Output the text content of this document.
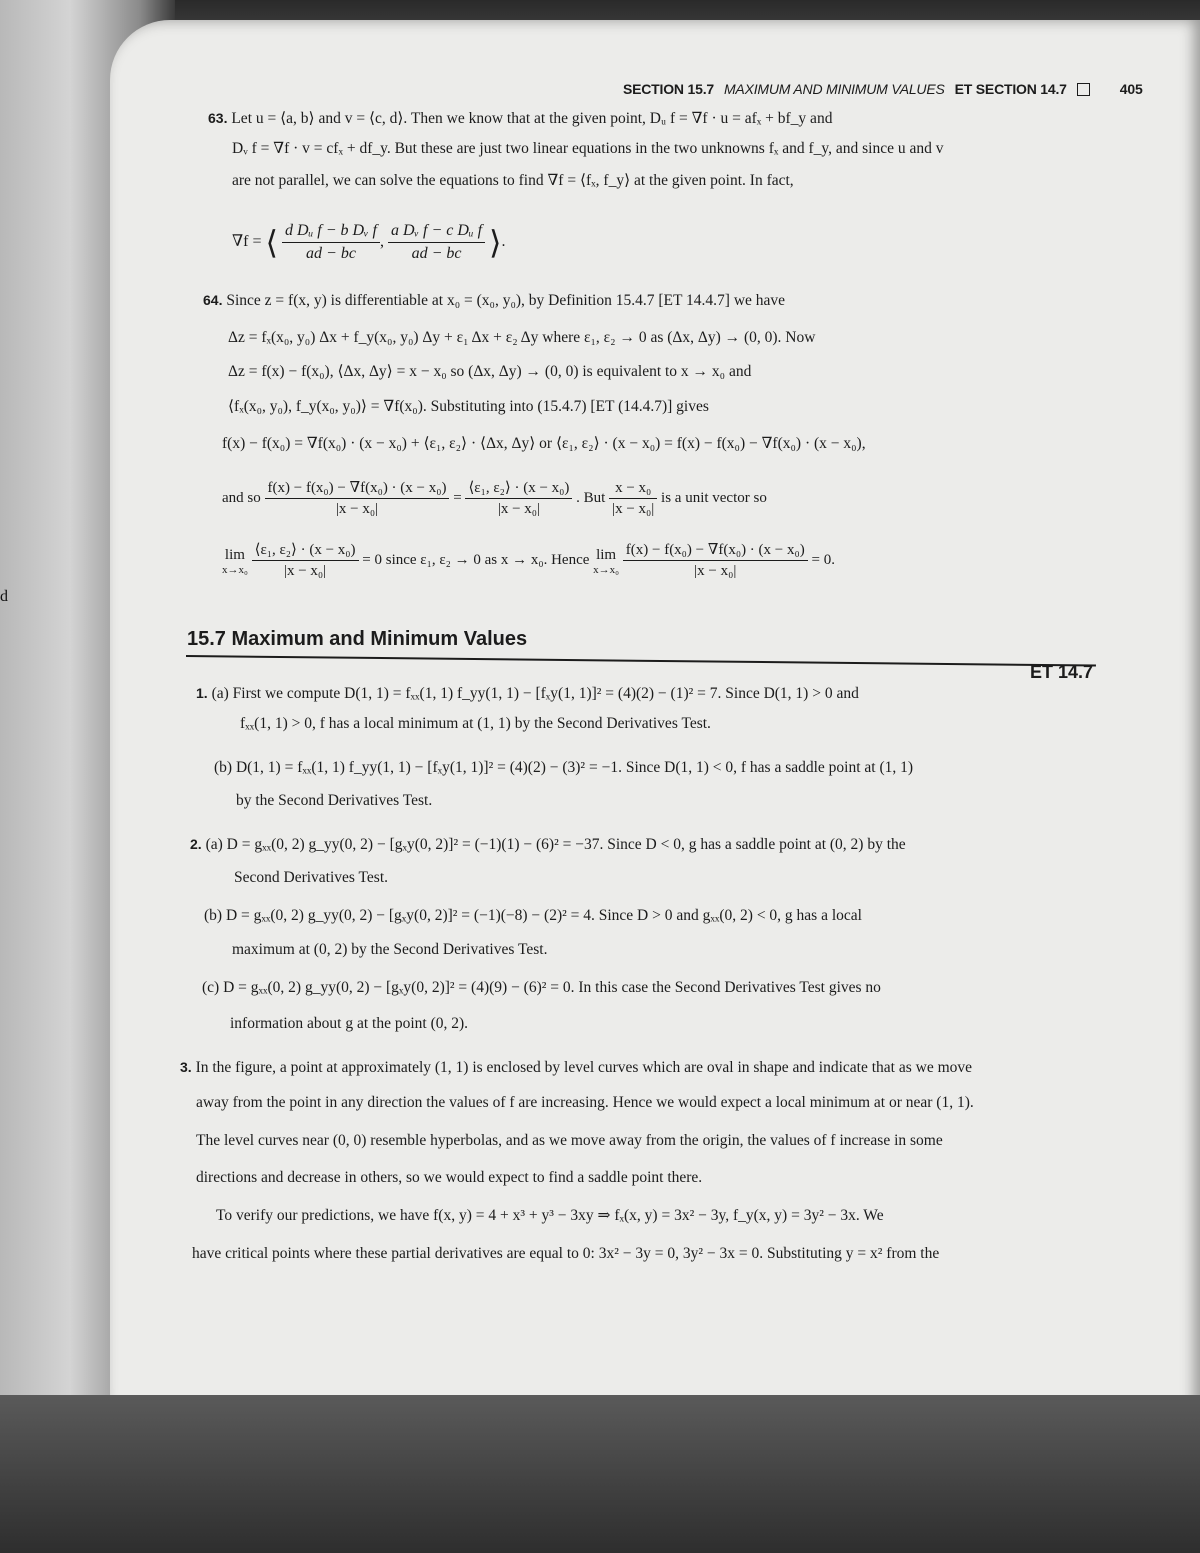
d
SECTION 15.7 MAXIMUM AND MINIMUM VALUES ET SECTION 14.7	405
63. Let u = ⟨a, b⟩ and v = ⟨c, d⟩. Then we know that at the given point, Dᵤ f = ∇f · u = afₓ + bf_y and
Dᵥ f = ∇f · v = cfₓ + df_y. But these are just two linear equations in the two unknowns fₓ and f_y, and since u and v
are not parallel, we can solve the equations to find ∇f = ⟨fₓ, f_y⟩ at the given point. In fact,
∇f = ⟨ $\frac{\text{d Dᵤ f − b Dᵥ f}}{ad - bc}$ , $\frac{\text{a Dᵥ f − c Dᵤ f}}{ad - bc}$ ⟩.
64. Since z = f(x, y) is differentiable at x₀ = (x₀, y₀), by Definition 15.4.7 [ET 14.4.7] we have
Δz = fₓ(x₀, y₀) Δx + f_y(x₀, y₀) Δy + ε₁ Δx + ε₂ Δy where ε₁, ε₂ → 0 as (Δx, Δy) → (0, 0). Now
Δz = f(x) − f(x₀), ⟨Δx, Δy⟩ = x − x₀ so (Δx, Δy) → (0, 0) is equivalent to x → x₀ and
⟨fₓ(x₀, y₀), f_y(x₀, y₀)⟩ = ∇f(x₀). Substituting into (15.4.7) [ET (14.4.7)] gives
f(x) − f(x₀) = ∇f(x₀) · (x − x₀) + ⟨ε₁, ε₂⟩ · ⟨Δx, Δy⟩ or ⟨ε₁, ε₂⟩ · (x − x₀) = f(x) − f(x₀) − ∇f(x₀) · (x − x₀),
and so $\frac{\text{f(x) − f(x₀) − ∇f(x₀) · (x − x₀)}}{\text{|x − x₀|}} = \frac{\text{⟨ε₁, ε₂⟩ · (x − x₀)}}{\text{|x − x₀|}}$ . But $\frac{\text{x − x₀}}{\text{|x − x₀|}}$ is a unit vector so
lim
x→x₀
$\frac{\text{⟨ε₁, ε₂⟩ · (x − x₀)}}{\text{|x − x₀|}} = 0$ since ε₁, ε₂ → 0 as x → x₀. Hence lim
x→x₀
$\frac{\text{f(x) − f(x₀) − ∇f(x₀) · (x − x₀)}}{\text{|x − x₀|}} = 0$.
15.7 Maximum and Minimum Values
ET 14.7
1. (a) First we compute D(1, 1) = fₓₓ(1, 1) f_yy(1, 1) − [fₓy(1, 1)]² = (4)(2) − (1)² = 7. Since D(1, 1) > 0 and
fₓₓ(1, 1) > 0, f has a local minimum at (1, 1) by the Second Derivatives Test.
(b) D(1, 1) = fₓₓ(1, 1) f_yy(1, 1) − [fₓy(1, 1)]² = (4)(2) − (3)² = −1. Since D(1, 1) < 0, f has a saddle point at (1, 1)
by the Second Derivatives Test.
2. (a) D = gₓₓ(0, 2) g_yy(0, 2) − [gₓy(0, 2)]² = (−1)(1) − (6)² = −37. Since D < 0, g has a saddle point at (0, 2) by the
Second Derivatives Test.
(b) D = gₓₓ(0, 2) g_yy(0, 2) − [gₓy(0, 2)]² = (−1)(−8) − (2)² = 4. Since D > 0 and gₓₓ(0, 2) < 0, g has a local
maximum at (0, 2) by the Second Derivatives Test.
(c) D = gₓₓ(0, 2) g_yy(0, 2) − [gₓy(0, 2)]² = (4)(9) − (6)² = 0. In this case the Second Derivatives Test gives no
information about g at the point (0, 2).
3. In the figure, a point at approximately (1, 1) is enclosed by level curves which are oval in shape and indicate that as we move
away from the point in any direction the values of f are increasing. Hence we would expect a local minimum at or near (1, 1).
The level curves near (0, 0) resemble hyperbolas, and as we move away from the origin, the values of f increase in some
directions and decrease in others, so we would expect to find a saddle point there.
To verify our predictions, we have f(x, y) = 4 + x³ + y³ − 3xy ⇒ fₓ(x, y) = 3x² − 3y, f_y(x, y) = 3y² − 3x. We
have critical points where these partial derivatives are equal to 0: 3x² − 3y = 0, 3y² − 3x = 0. Substituting y = x² from the
